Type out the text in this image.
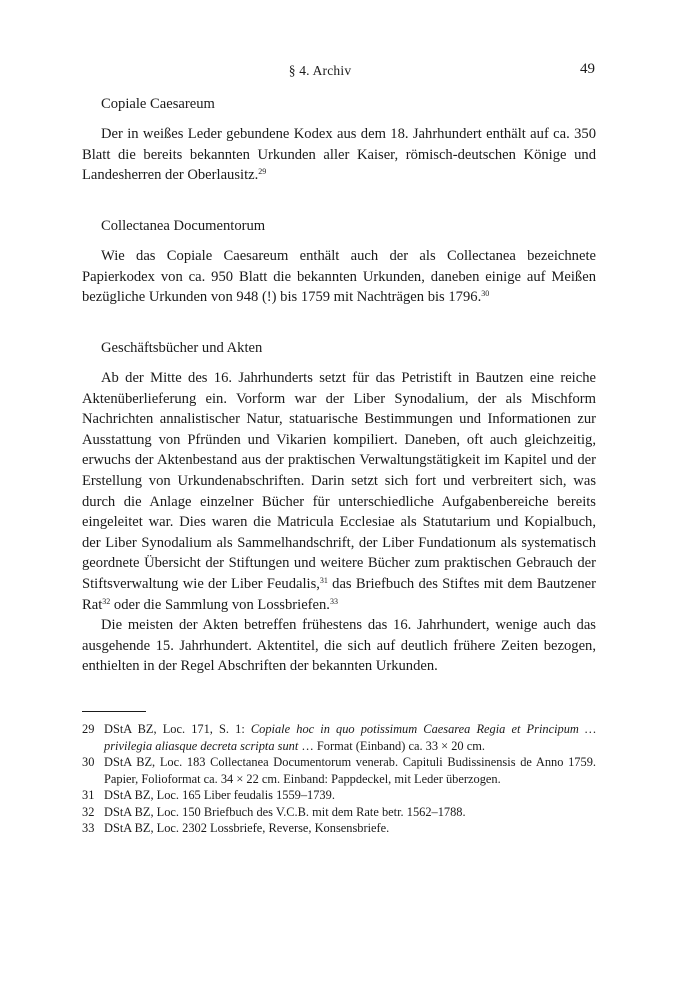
§ 4. Archiv	49
Copiale Caesareum

Der in weißes Leder gebundene Kodex aus dem 18. Jahrhundert enthält auf ca. 350 Blatt die bereits bekannten Urkunden aller Kaiser, römisch-deutschen Könige und Landesherren der Oberlausitz.$^{29}$

Collectanea Documentorum

Wie das Copiale Caesareum enthält auch der als Collectanea bezeichnete Papierkodex von ca. 950 Blatt die bekannten Urkunden, daneben einige auf Meißen bezügliche Urkunden von 948 (!) bis 1759 mit Nachträgen bis 1796.30

Geschäftsbücher und Akten

Ab der Mitte des 16. Jahrhunderts setzt für das Petristift in Bautzen eine reiche Aktenüberlieferung ein. Vorform war der Liber Synodalium, der als Mischform Nachrichten annalistischer Natur, statuarische Bestimmungen und Informationen zur Ausstattung von Pfründen und Vikarien kompiliert. Daneben, oft auch gleichzeitig, erwuchs der Aktenbestand aus der praktischen Verwaltungstätigkeit im Kapitel und der Erstellung von Urkundenabschriften. Darin setzt sich fort und verbreitert sich, was durch die Anlage einzelner Bücher für unterschiedliche Aufgabenbereiche bereits eingeleitet war. Dies waren die Matricula Ecclesiae als Statutarium und Kopialbuch, der Liber Synodalium als Sammelhandschrift, der Liber Fundationum als systematisch geordnete Übersicht der Stiftungen und weitere Bücher zum praktischen Gebrauch der Stiftsverwaltung wie der Liber Feudalis,$^{31}$ das Briefbuch des Stiftes mit dem Bautzener Rat$^{32}$ oder die Sammlung von Lossbriefen.$^{33}$

Die meisten der Akten betreffen frühestens das 16. Jahrhundert, wenige auch das ausgehende 15. Jahrhundert. Aktentitel, die sich auf deutlich frühere Zeiten bezogen, enthielten in der Regel Abschriften der bekannten Urkunden.

29 DStA BZ, Loc. 171, S. 1: Copiale hoc in quo potissimum Caesarea Regia et Principum … privilegia aliasque decreta scripta sunt … Format (Einband) ca. 33 × 20 cm.
30 DStA BZ, Loc. 183 Collectanea Documentorum venerab. Capituli Budissinensis de Anno 1759. Papier, Folioformat ca. 34 × 22 cm. Einband: Pappdeckel, mit Leder überzogen.
31 DStA BZ, Loc. 165 Liber feudalis 1559–1739.
32 DStA BZ, Loc. 150 Briefbuch des V.C.B. mit dem Rate betr. 1562–1788.
33 DStA BZ, Loc. 2302 Lossbriefe, Reverse, Konsensbriefe.
